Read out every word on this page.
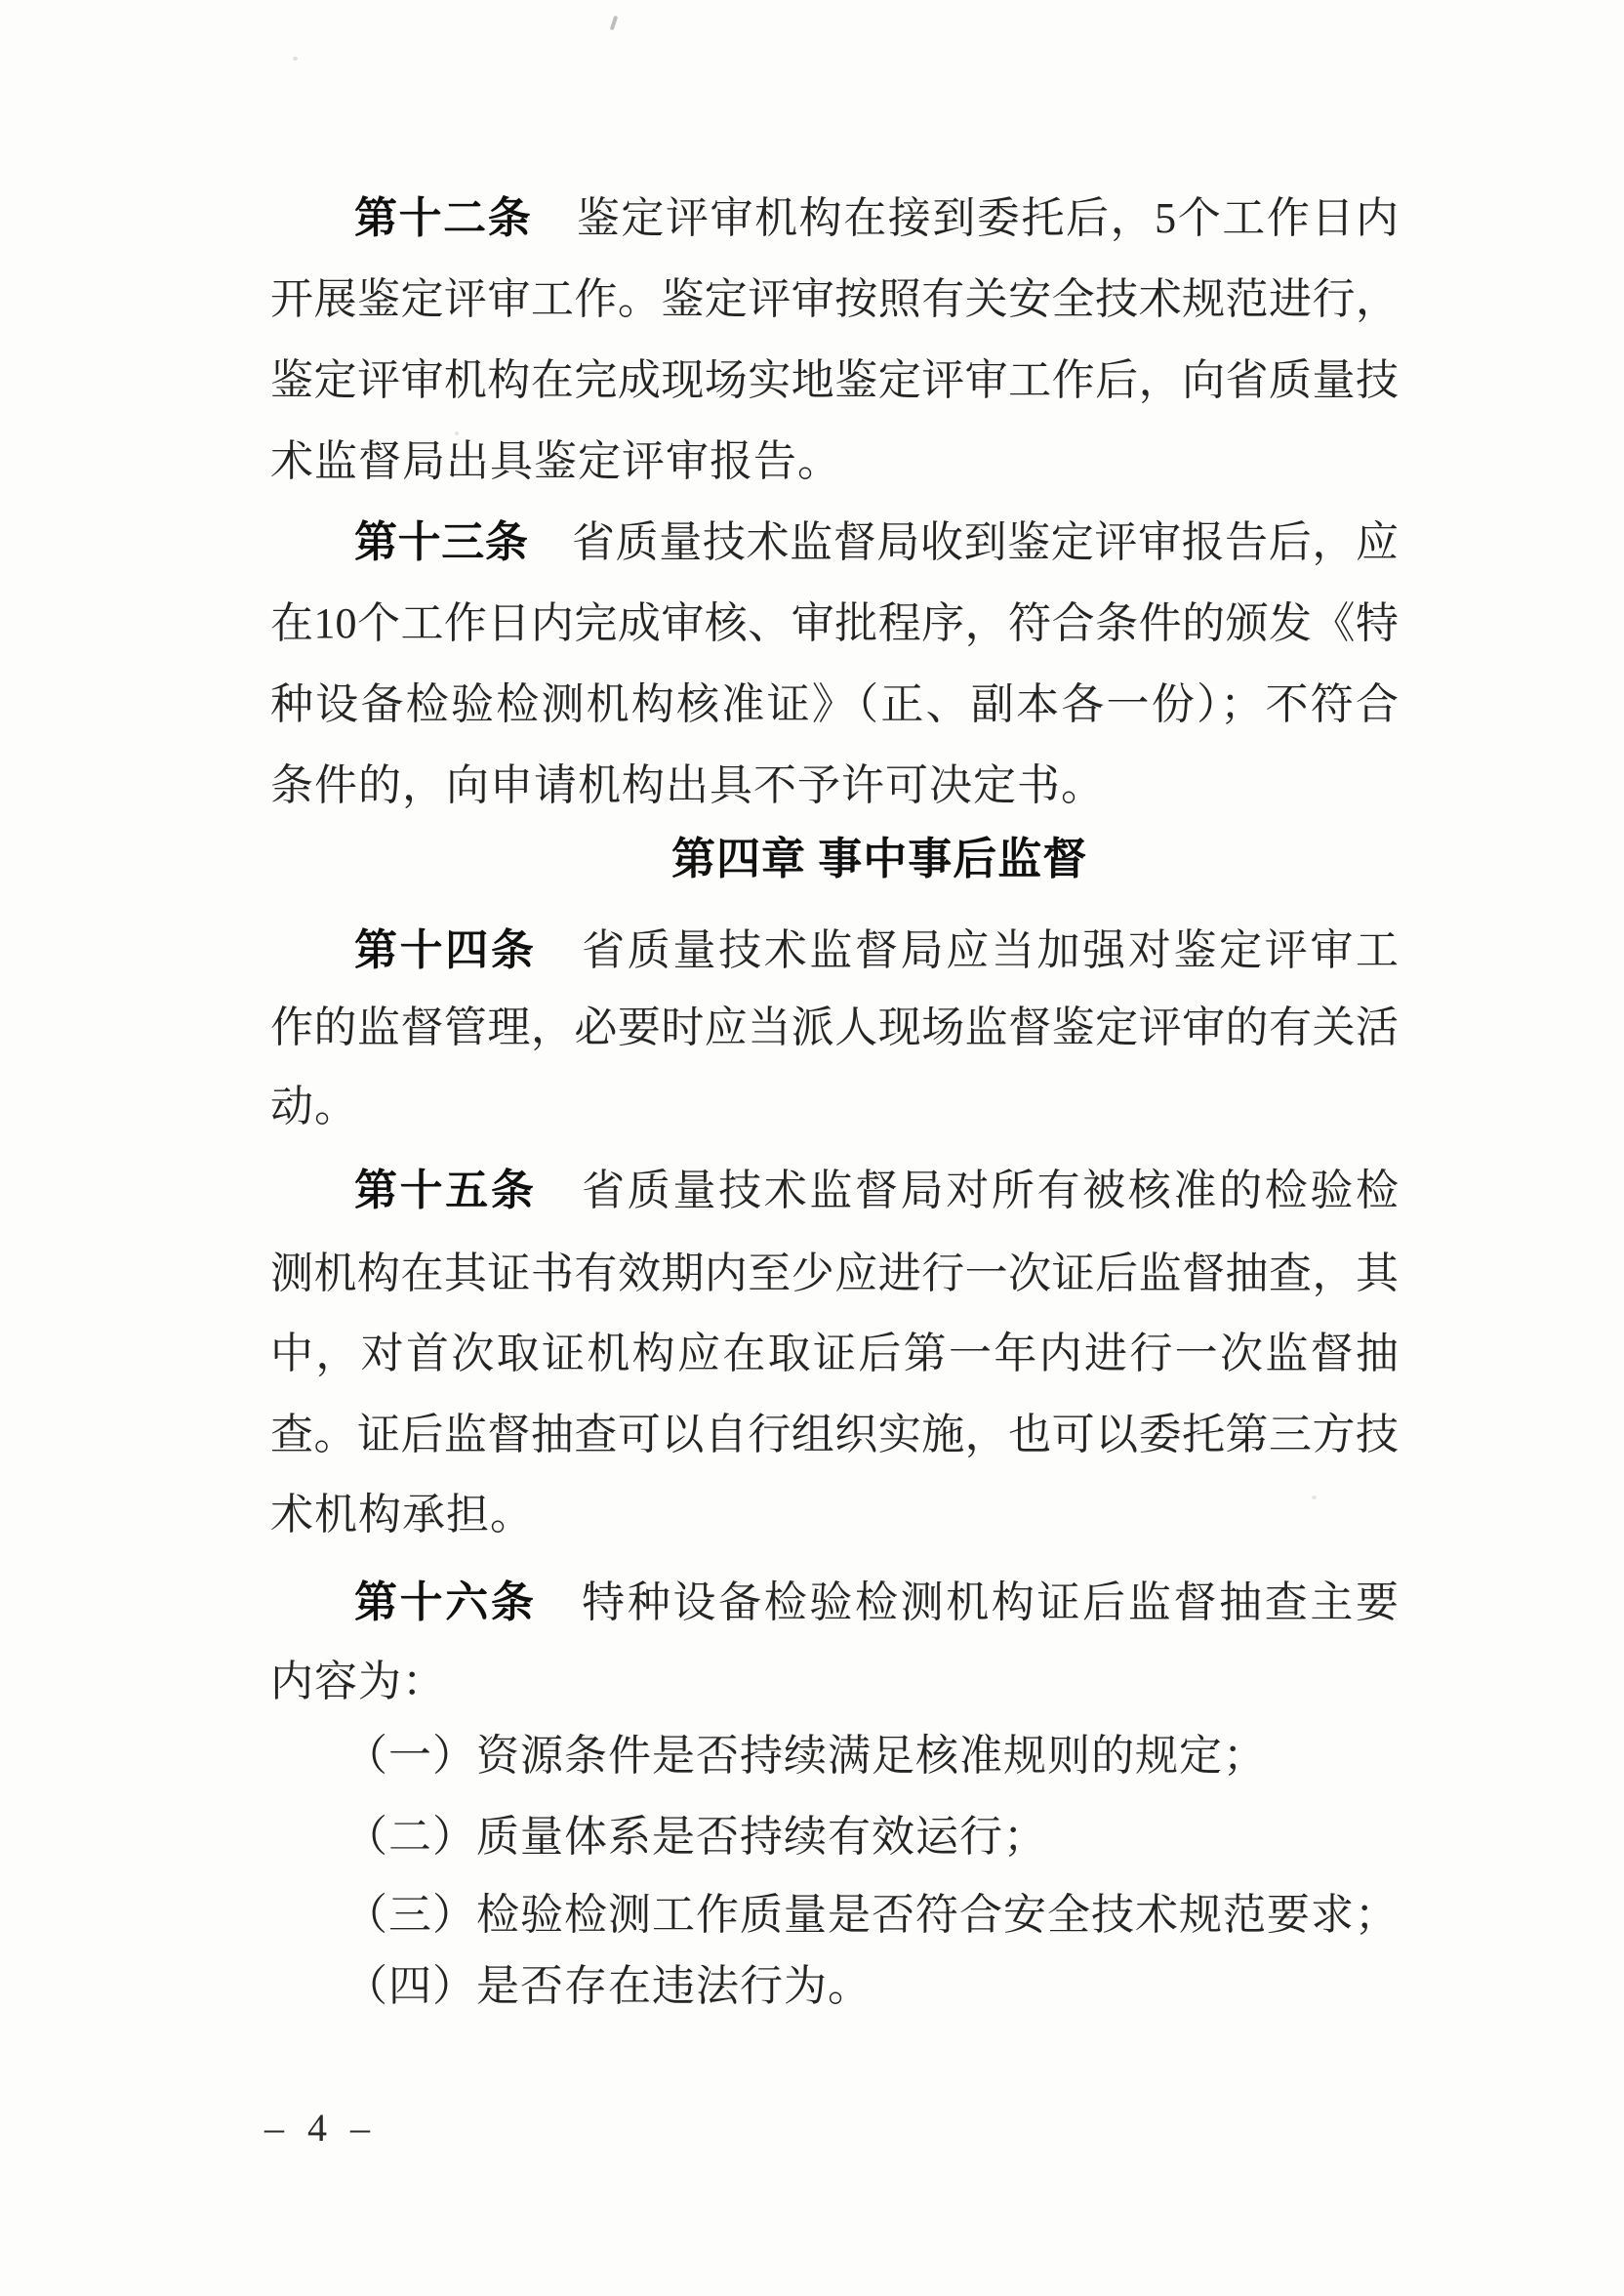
第十二条　鉴定评审机构在接到委托后，5个工作日内
开展鉴定评审工作。鉴定评审按照有关安全技术规范进行，
鉴定评审机构在完成现场实地鉴定评审工作后，向省质量技
术监督局出具鉴定评审报告。
第十三条　省质量技术监督局收到鉴定评审报告后，应
在10个工作日内完成审核、审批程序，符合条件的颁发《特
种设备检验检测机构核准证》（正、副本各一份）；不符合
条件的，向申请机构出具不予许可决定书。
第四章 事中事后监督
第十四条　省质量技术监督局应当加强对鉴定评审工
作的监督管理，必要时应当派人现场监督鉴定评审的有关活
动。
第十五条　省质量技术监督局对所有被核准的检验检
测机构在其证书有效期内至少应进行一次证后监督抽查，其
中，对首次取证机构应在取证后第一年内进行一次监督抽
查。证后监督抽查可以自行组织实施，也可以委托第三方技
术机构承担。
第十六条　特种设备检验检测机构证后监督抽查主要
内容为：
（一）资源条件是否持续满足核准规则的规定；
（二）质量体系是否持续有效运行；
（三）检验检测工作质量是否符合安全技术规范要求；
（四）是否存在违法行为。
– 4 –
